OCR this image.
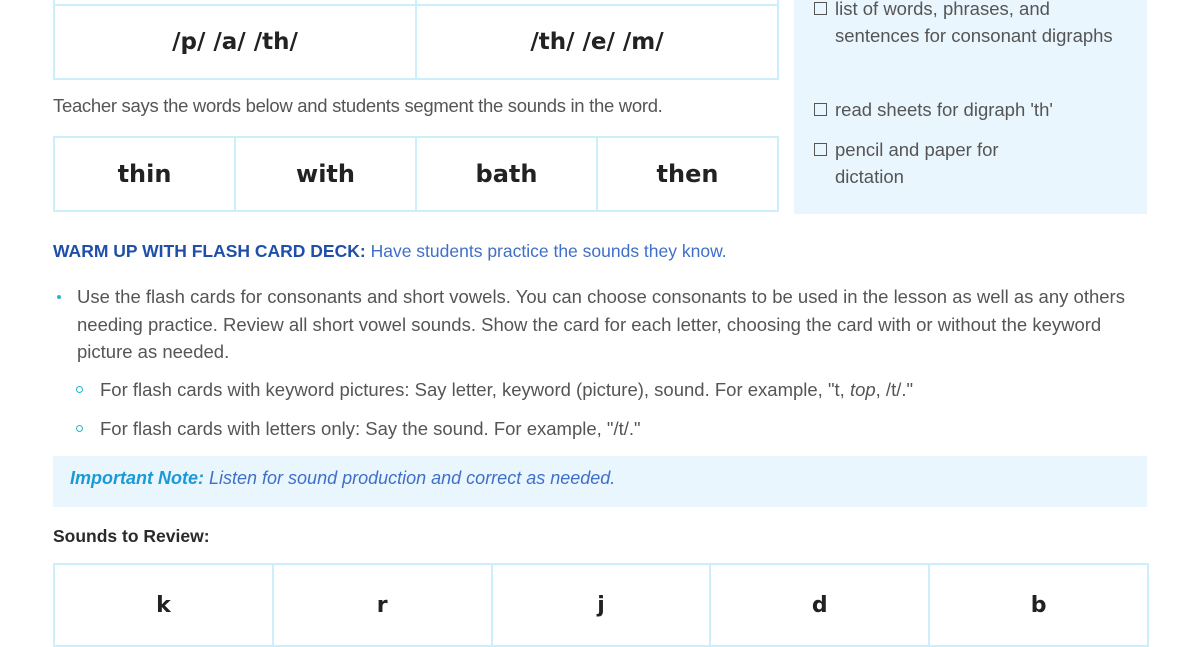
/p/ /a/ /th/	/th/ /e/ /m/
list of words, phrases, and sentences for consonant digraphs
read sheets for digraph 'th'
pencil and paper for dictation
Teacher says the words below and students segment the sounds in the word.
thin	with	bath	then
WARM UP WITH FLASH CARD DECK: Have students practice the sounds they know.
Use the flash cards for consonants and short vowels. You can choose consonants to be used in the lesson as well as any others needing practice. Review all short vowel sounds. Show the card for each letter, choosing the card with or without the keyword picture as needed.
For flash cards with keyword pictures: Say letter, keyword (picture), sound. For example, "t, top, /t/."
For flash cards with letters only: Say the sound. For example, "/t/."
Important Note: Listen for sound production and correct as needed.
Sounds to Review:
k	r	j	d	b
